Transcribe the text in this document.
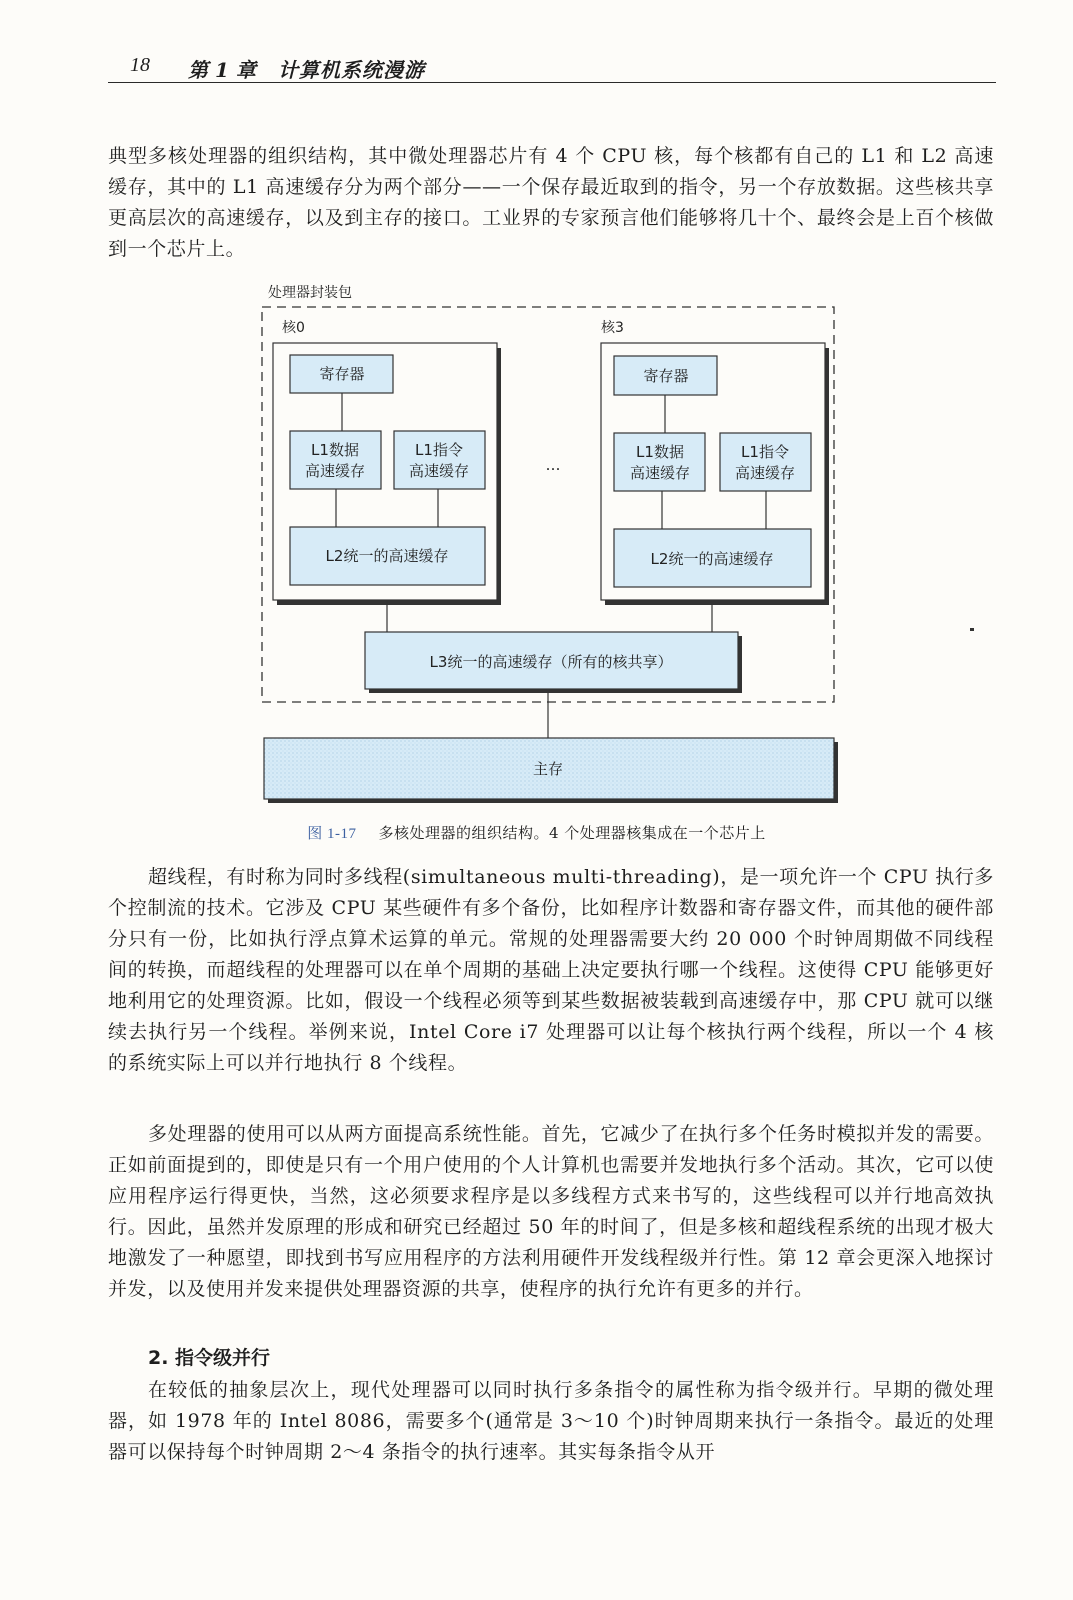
18 第 1 章 计算机系统漫游

典型多核处理器的组织结构，其中微处理器芯片有 4 个 CPU 核，每个核都有自己的 L1 和 L2 高速缓存，其中的 L1 高速缓存分为两个部分——一个保存最近取到的指令，另一个存放数据。这些核共享更高层次的高速缓存，以及到主存的接口。工业界的专家预言他们能够将几十个、最终会是上百个核做到一个芯片上。

处理器封装包
核0
寄存器
L1数据
高速缓存
L1指令
高速缓存
L2统一的高速缓存
…
核3
寄存器
L1数据
高速缓存
L1指令
高速缓存
L2统一的高速缓存
L3统一的高速缓存（所有的核共享）
主存
图 1-17 多核处理器的组织结构。4 个处理器核集成在一个芯片上

超线程，有时称为同时多线程(simultaneous multi-threading)，是一项允许一个 CPU 执行多个控制流的技术。它涉及 CPU 某些硬件有多个备份，比如程序计数器和寄存器文件，而其他的硬件部分只有一份，比如执行浮点算术运算的单元。常规的处理器需要大约 20 000 个时钟周期做不同线程间的转换，而超线程的处理器可以在单个周期的基础上决定要执行哪一个线程。这使得 CPU 能够更好地利用它的处理资源。比如，假设一个线程必须等到某些数据被装载到高速缓存中，那 CPU 就可以继续去执行另一个线程。举例来说，Intel Core i7 处理器可以让每个核执行两个线程，所以一个 4 核的系统实际上可以并行地执行 8 个线程。

多处理器的使用可以从两方面提高系统性能。首先，它减少了在执行多个任务时模拟并发的需要。正如前面提到的，即使是只有一个用户使用的个人计算机也需要并发地执行多个活动。其次，它可以使应用程序运行得更快，当然，这必须要求程序是以多线程方式来书写的，这些线程可以并行地高效执行。因此，虽然并发原理的形成和研究已经超过 50 年的时间了，但是多核和超线程系统的出现才极大地激发了一种愿望，即找到书写应用程序的方法利用硬件开发线程级并行性。第 12 章会更深入地探讨并发，以及使用并发来提供处理器资源的共享，使程序的执行允许有更多的并行。

2. 指令级并行

在较低的抽象层次上，现代处理器可以同时执行多条指令的属性称为指令级并行。早期的微处理器，如 1978 年的 Intel 8086，需要多个(通常是 3～10 个)时钟周期来执行一条指令。最近的处理器可以保持每个时钟周期 2～4 条指令的执行速率。其实每条指令从开
